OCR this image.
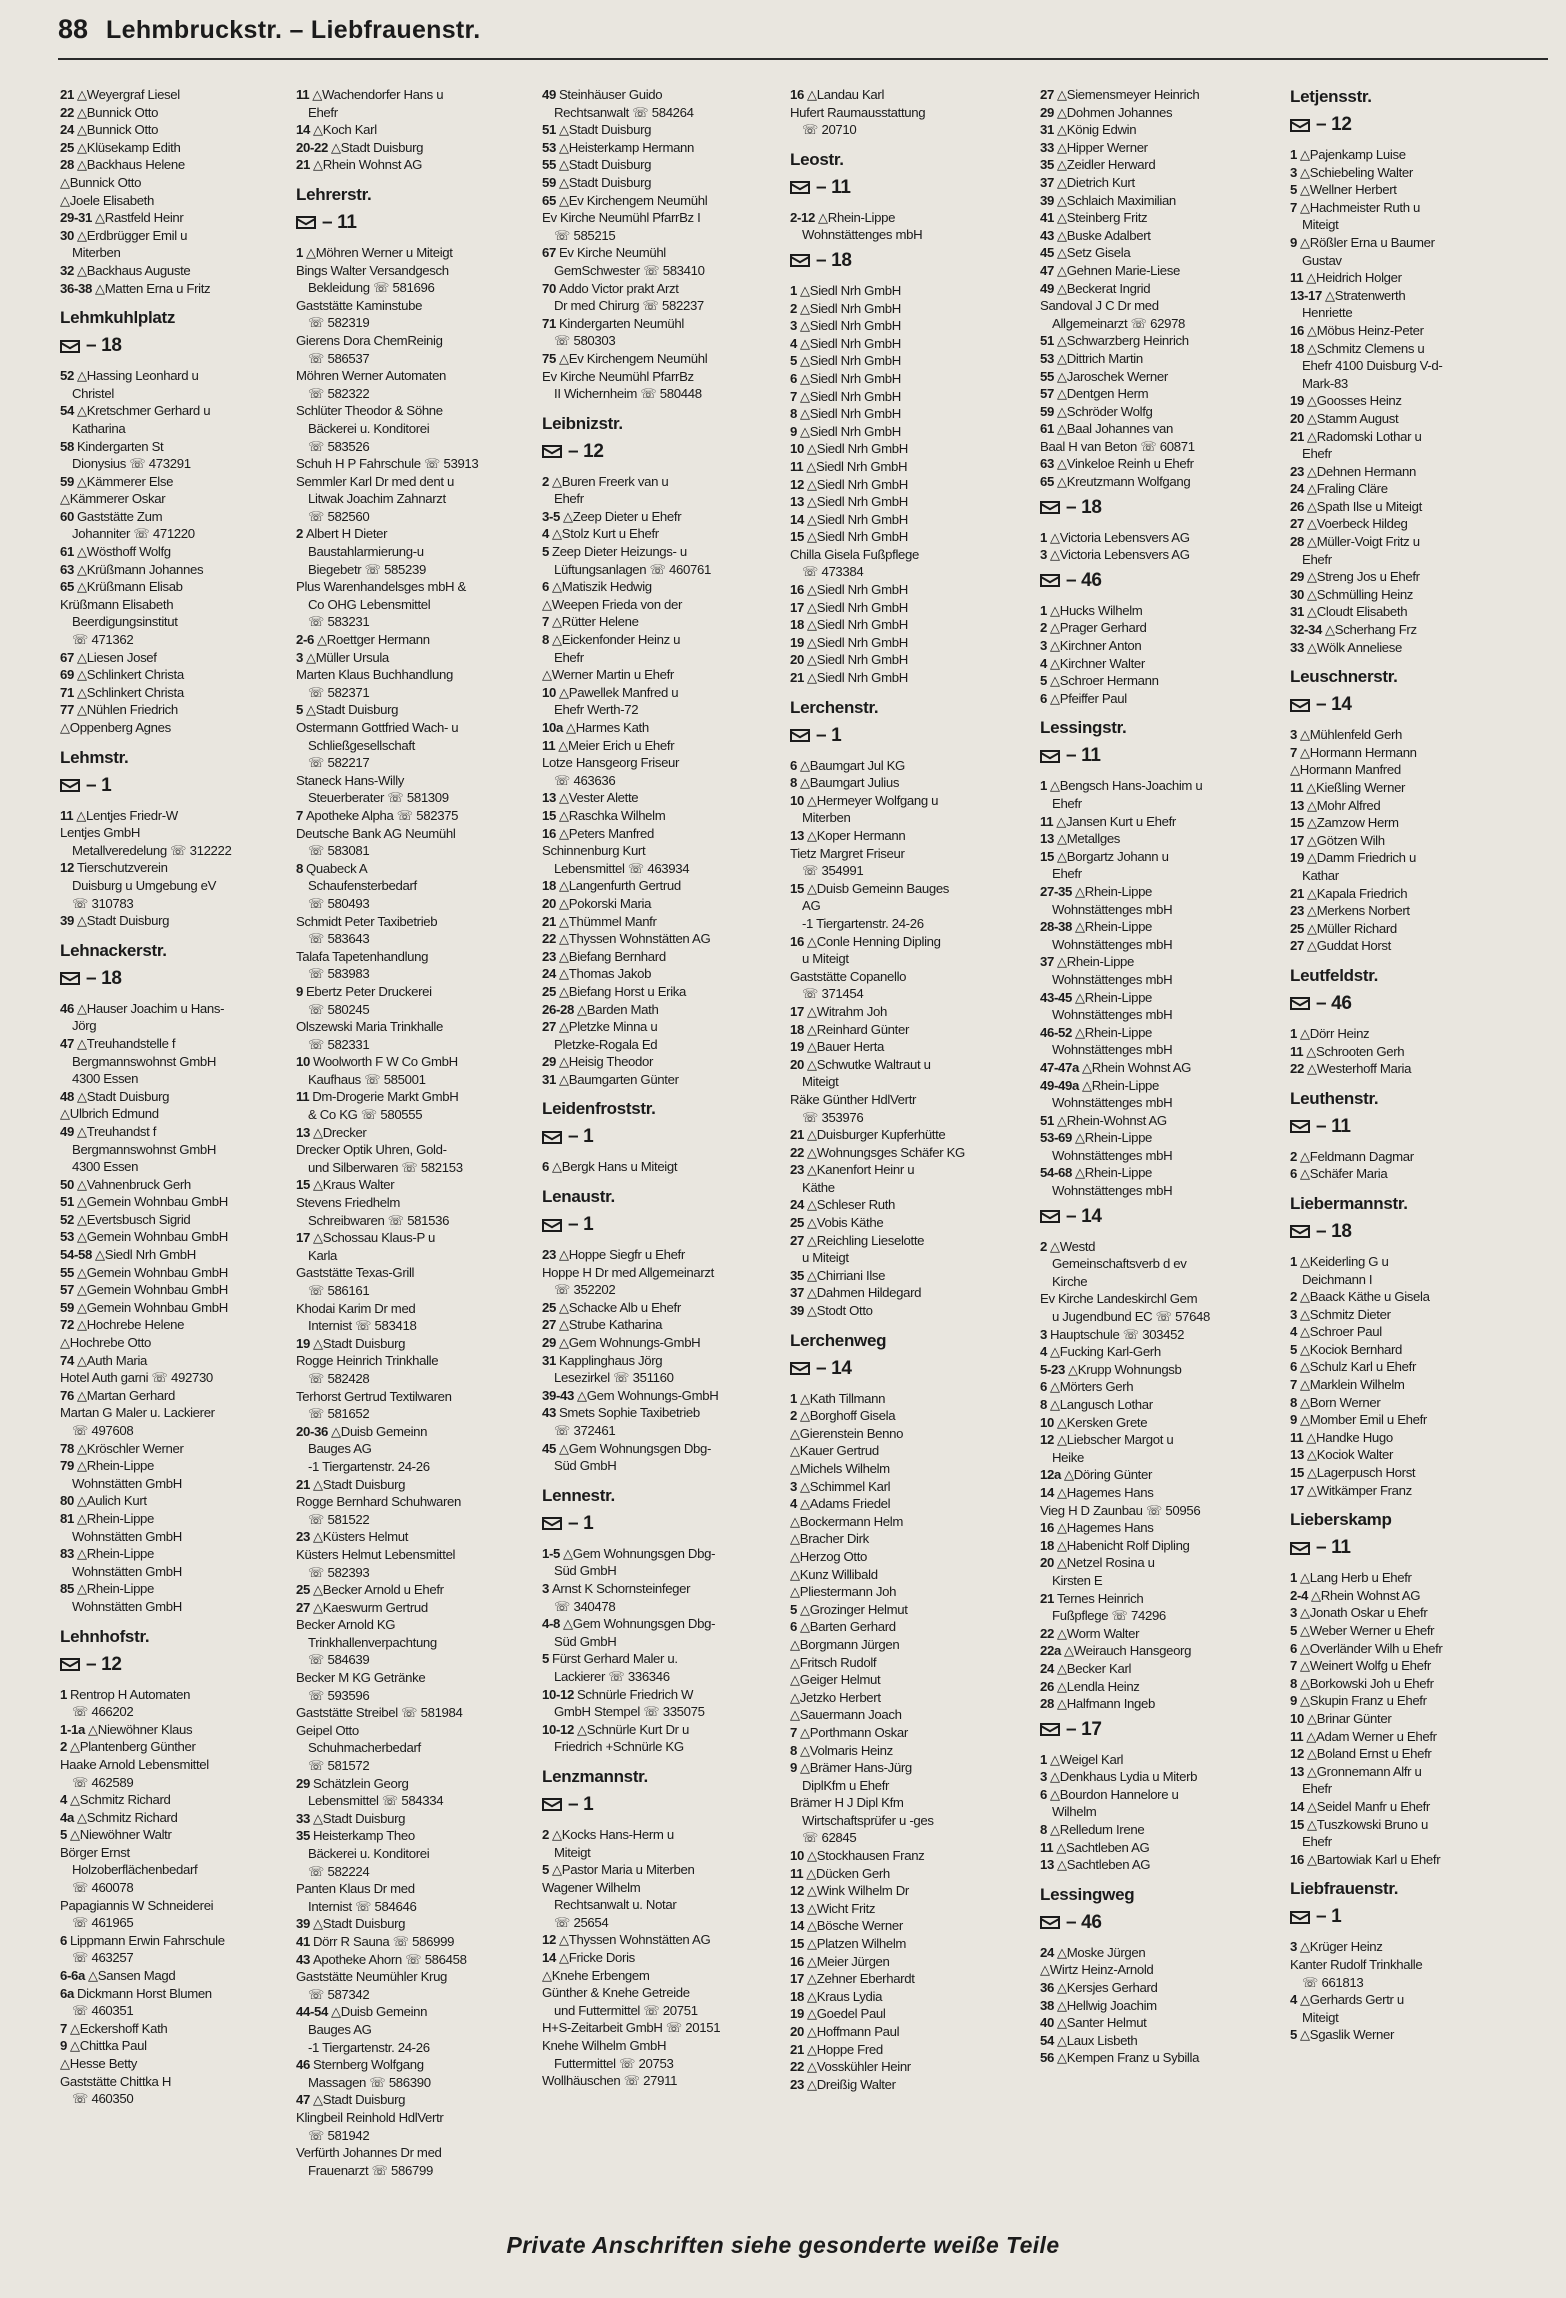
88 Lehmbruckstr. – Liebfrauenstr.
21 △Weyergraf Liesel
22 △Bunnick Otto
24 △Bunnick Otto
25 △Klüsekamp Edith
28 △Backhaus Helene
△Bunnick Otto
△Joele Elisabeth
29-31 △Rastfeld Heinr
30 △Erdbrügger Emil u
Miterben
32 △Backhaus Auguste
36-38 △Matten Erna u Fritz
Lehmkuhlplatz
– 18
52 △Hassing Leonhard u
Christel
54 △Kretschmer Gerhard u
Katharina
58 Kindergarten St
Dionysius ☏ 473291
59 △Kämmerer Else
△Kämmerer Oskar
60 Gaststätte Zum
Johanniter ☏ 471220
61 △Wösthoff Wolfg
63 △Krüßmann Johannes
65 △Krüßmann Elisab
Krüßmann Elisabeth
Beerdigungsinstitut
☏ 471362
67 △Liesen Josef
69 △Schlinkert Christa
71 △Schlinkert Christa
77 △Nühlen Friedrich
△Oppenberg Agnes
Lehmstr.
– 1
11 △Lentjes Friedr-W
Lentjes GmbH
Metallveredelung ☏ 312222
12 Tierschutzverein
Duisburg u Umgebung eV
☏ 310783
39 △Stadt Duisburg
Lehnackerstr.
– 18
46 △Hauser Joachim u Hans-
Jörg
47 △Treuhandstelle f
Bergmannswohnst GmbH
4300 Essen
48 △Stadt Duisburg
△Ulbrich Edmund
49 △Treuhandst f
Bergmannswohnst GmbH
4300 Essen
50 △Vahnenbruck Gerh
51 △Gemein Wohnbau GmbH
52 △Evertsbusch Sigrid
53 △Gemein Wohnbau GmbH
54-58 △Siedl Nrh GmbH
55 △Gemein Wohnbau GmbH
57 △Gemein Wohnbau GmbH
59 △Gemein Wohnbau GmbH
72 △Hochrebe Helene
△Hochrebe Otto
74 △Auth Maria
Hotel Auth garni ☏ 492730
76 △Martan Gerhard
Martan G Maler u. Lackierer
☏ 497608
78 △Kröschler Werner
79 △Rhein-Lippe
Wohnstätten GmbH
80 △Aulich Kurt
81 △Rhein-Lippe
Wohnstätten GmbH
83 △Rhein-Lippe
Wohnstätten GmbH
85 △Rhein-Lippe
Wohnstätten GmbH
Lehnhofstr.
– 12
1 Rentrop H Automaten
☏ 466202
1-1a △Niewöhner Klaus
2 △Plantenberg Günther
Haake Arnold Lebensmittel
☏ 462589
4 △Schmitz Richard
4a △Schmitz Richard
5 △Niewöhner Waltr
Börger Ernst
Holzoberflächenbedarf
☏ 460078
Papagiannis W Schneiderei
☏ 461965
6 Lippmann Erwin Fahrschule
☏ 463257
6-6a △Sansen Magd
6a Dickmann Horst Blumen
☏ 460351
7 △Eckershoff Kath
9 △Chittka Paul
△Hesse Betty
Gaststätte Chittka H
☏ 460350
11 △Wachendorfer Hans u
Ehefr
14 △Koch Karl
20-22 △Stadt Duisburg
21 △Rhein Wohnst AG
Lehrerstr.
– 11
1 △Möhren Werner u Miteigt
Bings Walter Versandgesch
Bekleidung ☏ 581696
Gaststätte Kaminstube
☏ 582319
Gierens Dora ChemReinig
☏ 586537
Möhren Werner Automaten
☏ 582322
Schlüter Theodor & Söhne
Bäckerei u. Konditorei
☏ 583526
Schuh H P Fahrschule ☏ 53913
Semmler Karl Dr med dent u
Litwak Joachim Zahnarzt
☏ 582560
2 Albert H Dieter
Baustahlarmierung-u
Biegebetr ☏ 585239
Plus Warenhandelsges mbH &
Co OHG Lebensmittel
☏ 583231
2-6 △Roettger Hermann
3 △Müller Ursula
Marten Klaus Buchhandlung
☏ 582371
5 △Stadt Duisburg
Ostermann Gottfried Wach- u
Schließgesellschaft
☏ 582217
Staneck Hans-Willy
Steuerberater ☏ 581309
7 Apotheke Alpha ☏ 582375
Deutsche Bank AG Neumühl
☏ 583081
8 Quabeck A
Schaufensterbedarf
☏ 580493
Schmidt Peter Taxibetrieb
☏ 583643
Talafa Tapetenhandlung
☏ 583983
9 Ebertz Peter Druckerei
☏ 580245
Olszewski Maria Trinkhalle
☏ 582331
10 Woolworth F W Co GmbH
Kaufhaus ☏ 585001
11 Dm-Drogerie Markt GmbH
& Co KG ☏ 580555
13 △Drecker
Drecker Optik Uhren, Gold-
und Silberwaren ☏ 582153
15 △Kraus Walter
Stevens Friedhelm
Schreibwaren ☏ 581536
17 △Schossau Klaus-P u
Karla
Gaststätte Texas-Grill
☏ 586161
Khodai Karim Dr med
Internist ☏ 583418
19 △Stadt Duisburg
Rogge Heinrich Trinkhalle
☏ 582428
Terhorst Gertrud Textilwaren
☏ 581652
20-36 △Duisb Gemeinn
Bauges AG
-1 Tiergartenstr. 24-26
21 △Stadt Duisburg
Rogge Bernhard Schuhwaren
☏ 581522
23 △Küsters Helmut
Küsters Helmut Lebensmittel
☏ 582393
25 △Becker Arnold u Ehefr
27 △Kaeswurm Gertrud
Becker Arnold KG
Trinkhallenverpachtung
☏ 584639
Becker M KG Getränke
☏ 593596
Gaststätte Streibel ☏ 581984
Geipel Otto
Schuhmacherbedarf
☏ 581572
29 Schätzlein Georg
Lebensmittel ☏ 584334
33 △Stadt Duisburg
35 Heisterkamp Theo
Bäckerei u. Konditorei
☏ 582224
Panten Klaus Dr med
Internist ☏ 584646
39 △Stadt Duisburg
41 Dörr R Sauna ☏ 586999
43 Apotheke Ahorn ☏ 586458
Gaststätte Neumühler Krug
☏ 587342
44-54 △Duisb Gemeinn
Bauges AG
-1 Tiergartenstr. 24-26
46 Sternberg Wolfgang
Massagen ☏ 586390
47 △Stadt Duisburg
Klingbeil Reinhold HdlVertr
☏ 581942
Verfürth Johannes Dr med
Frauenarzt ☏ 586799
49 Steinhäuser Guido
Rechtsanwalt ☏ 584264
51 △Stadt Duisburg
53 △Heisterkamp Hermann
55 △Stadt Duisburg
59 △Stadt Duisburg
65 △Ev Kirchengem Neumühl
Ev Kirche Neumühl PfarrBz I
☏ 585215
67 Ev Kirche Neumühl
GemSchwester ☏ 583410
70 Addo Victor prakt Arzt
Dr med Chirurg ☏ 582237
71 Kindergarten Neumühl
☏ 580303
75 △Ev Kirchengem Neumühl
Ev Kirche Neumühl PfarrBz
II Wichernheim ☏ 580448
Leibnizstr.
– 12
2 △Buren Freerk van u
Ehefr
3-5 △Zeep Dieter u Ehefr
4 △Stolz Kurt u Ehefr
5 Zeep Dieter Heizungs- u
Lüftungsanlagen ☏ 460761
6 △Matiszik Hedwig
△Weepen Frieda von der
7 △Rütter Helene
8 △Eickenfonder Heinz u
Ehefr
△Werner Martin u Ehefr
10 △Pawellek Manfred u
Ehefr Werth-72
10a △Harmes Kath
11 △Meier Erich u Ehefr
Lotze Hansgeorg Friseur
☏ 463636
13 △Vester Alette
15 △Raschka Wilhelm
16 △Peters Manfred
Schinnenburg Kurt
Lebensmittel ☏ 463934
18 △Langenfurth Gertrud
20 △Pokorski Maria
21 △Thümmel Manfr
22 △Thyssen Wohnstätten AG
23 △Biefang Bernhard
24 △Thomas Jakob
25 △Biefang Horst u Erika
26-28 △Barden Math
27 △Pletzke Minna u
Pletzke-Rogala Ed
29 △Heisig Theodor
31 △Baumgarten Günter
Leidenfroststr.
– 1
6 △Bergk Hans u Miteigt
Lenaustr.
– 1
23 △Hoppe Siegfr u Ehefr
Hoppe H Dr med Allgemeinarzt
☏ 352202
25 △Schacke Alb u Ehefr
27 △Strube Katharina
29 △Gem Wohnungs-GmbH
31 Kapplinghaus Jörg
Lesezirkel ☏ 351160
39-43 △Gem Wohnungs-GmbH
43 Smets Sophie Taxibetrieb
☏ 372461
45 △Gem Wohnungsgen Dbg-
Süd GmbH
Lennestr.
– 1
1-5 △Gem Wohnungsgen Dbg-
Süd GmbH
3 Arnst K Schornsteinfeger
☏ 340478
4-8 △Gem Wohnungsgen Dbg-
Süd GmbH
5 Fürst Gerhard Maler u.
Lackierer ☏ 336346
10-12 Schnürle Friedrich W
GmbH Stempel ☏ 335075
10-12 △Schnürle Kurt Dr u
Friedrich +Schnürle KG
Lenzmannstr.
– 1
2 △Kocks Hans-Herm u
Miteigt
5 △Pastor Maria u Miterben
Wagener Wilhelm
Rechtsanwalt u. Notar
☏ 25654
12 △Thyssen Wohnstätten AG
14 △Fricke Doris
△Knehe Erbengem
Günther & Knehe Getreide
und Futtermittel ☏ 20751
H+S-Zeitarbeit GmbH ☏ 20151
Knehe Wilhelm GmbH
Futtermittel ☏ 20753
Wollhäuschen ☏ 27911
16 △Landau Karl
Hufert Raumausstattung
☏ 20710
Leostr.
– 11
2-12 △Rhein-Lippe
Wohnstättenges mbH
– 18
1 △Siedl Nrh GmbH
2 △Siedl Nrh GmbH
3 △Siedl Nrh GmbH
4 △Siedl Nrh GmbH
5 △Siedl Nrh GmbH
6 △Siedl Nrh GmbH
7 △Siedl Nrh GmbH
8 △Siedl Nrh GmbH
9 △Siedl Nrh GmbH
10 △Siedl Nrh GmbH
11 △Siedl Nrh GmbH
12 △Siedl Nrh GmbH
13 △Siedl Nrh GmbH
14 △Siedl Nrh GmbH
15 △Siedl Nrh GmbH
Chilla Gisela Fußpflege
☏ 473384
16 △Siedl Nrh GmbH
17 △Siedl Nrh GmbH
18 △Siedl Nrh GmbH
19 △Siedl Nrh GmbH
20 △Siedl Nrh GmbH
21 △Siedl Nrh GmbH
Lerchenstr.
– 1
6 △Baumgart Jul KG
8 △Baumgart Julius
10 △Hermeyer Wolfgang u
Miterben
13 △Koper Hermann
Tietz Margret Friseur
☏ 354991
15 △Duisb Gemeinn Bauges
AG
-1 Tiergartenstr. 24-26
16 △Conle Henning Dipling
u Miteigt
Gaststätte Copanello
☏ 371454
17 △Witrahm Joh
18 △Reinhard Günter
19 △Bauer Herta
20 △Schwutke Waltraut u
Miteigt
Räke Günther HdlVertr
☏ 353976
21 △Duisburger Kupferhütte
22 △Wohnungsges Schäfer KG
23 △Kanenfort Heinr u
Käthe
24 △Schleser Ruth
25 △Vobis Käthe
27 △Reichling Lieselotte
u Miteigt
35 △Chirriani Ilse
37 △Dahmen Hildegard
39 △Stodt Otto
Lerchenweg
– 14
1 △Kath Tillmann
2 △Borghoff Gisela
△Gierenstein Benno
△Kauer Gertrud
△Michels Wilhelm
3 △Schimmel Karl
4 △Adams Friedel
△Bockermann Helm
△Bracher Dirk
△Herzog Otto
△Kunz Willibald
△Pliestermann Joh
5 △Grozinger Helmut
6 △Barten Gerhard
△Borgmann Jürgen
△Fritsch Rudolf
△Geiger Helmut
△Jetzko Herbert
△Sauermann Joach
7 △Porthmann Oskar
8 △Volmaris Heinz
9 △Brämer Hans-Jürg
DiplKfm u Ehefr
Brämer H J Dipl Kfm
Wirtschaftsprüfer u -ges
☏ 62845
10 △Stockhausen Franz
11 △Dücken Gerh
12 △Wink Wilhelm Dr
13 △Wicht Fritz
14 △Bösche Werner
15 △Platzen Wilhelm
16 △Meier Jürgen
17 △Zehner Eberhardt
18 △Kraus Lydia
19 △Goedel Paul
20 △Hoffmann Paul
21 △Hoppe Fred
22 △Vosskühler Heinr
23 △Dreißig Walter
27 △Siemensmeyer Heinrich
29 △Dohmen Johannes
31 △König Edwin
33 △Hipper Werner
35 △Zeidler Herward
37 △Dietrich Kurt
39 △Schlaich Maximilian
41 △Steinberg Fritz
43 △Buske Adalbert
45 △Setz Gisela
47 △Gehnen Marie-Liese
49 △Beckerat Ingrid
Sandoval J C Dr med
Allgemeinarzt ☏ 62978
51 △Schwarzberg Heinrich
53 △Dittrich Martin
55 △Jaroschek Werner
57 △Dentgen Herm
59 △Schröder Wolfg
61 △Baal Johannes van
Baal H van Beton ☏ 60871
63 △Vinkeloe Reinh u Ehefr
65 △Kreutzmann Wolfgang
– 18
1 △Victoria Lebensvers AG
3 △Victoria Lebensvers AG
– 46
1 △Hucks Wilhelm
2 △Prager Gerhard
3 △Kirchner Anton
4 △Kirchner Walter
5 △Schroer Hermann
6 △Pfeiffer Paul
Lessingstr.
– 11
1 △Bengsch Hans-Joachim u
Ehefr
11 △Jansen Kurt u Ehefr
13 △Metallges
15 △Borgartz Johann u
Ehefr
27-35 △Rhein-Lippe
Wohnstättenges mbH
28-38 △Rhein-Lippe
Wohnstättenges mbH
37 △Rhein-Lippe
Wohnstättenges mbH
43-45 △Rhein-Lippe
Wohnstättenges mbH
46-52 △Rhein-Lippe
Wohnstättenges mbH
47-47a △Rhein Wohnst AG
49-49a △Rhein-Lippe
Wohnstättenges mbH
51 △Rhein-Wohnst AG
53-69 △Rhein-Lippe
Wohnstättenges mbH
54-68 △Rhein-Lippe
Wohnstättenges mbH
– 14
2 △Westd
Gemeinschaftsverb d ev
Kirche
Ev Kirche Landeskirchl Gem
u Jugendbund EC ☏ 57648
3 Hauptschule ☏ 303452
4 △Fucking Karl-Gerh
5-23 △Krupp Wohnungsb
6 △Mörters Gerh
8 △Langusch Lothar
10 △Kersken Grete
12 △Liebscher Margot u
Heike
12a △Döring Günter
14 △Hagemes Hans
Vieg H D Zaunbau ☏ 50956
16 △Hagemes Hans
18 △Habenicht Rolf Dipling
20 △Netzel Rosina u
Kirsten E
21 Ternes Heinrich
Fußpflege ☏ 74296
22 △Worm Walter
22a △Weirauch Hansgeorg
24 △Becker Karl
26 △Lendla Heinz
28 △Halfmann Ingeb
– 17
1 △Weigel Karl
3 △Denkhaus Lydia u Miterb
6 △Bourdon Hannelore u
Wilhelm
8 △Relledum Irene
11 △Sachtleben AG
13 △Sachtleben AG
Lessingweg
– 46
24 △Moske Jürgen
△Wirtz Heinz-Arnold
36 △Kersjes Gerhard
38 △Hellwig Joachim
40 △Santer Helmut
54 △Laux Lisbeth
56 △Kempen Franz u Sybilla
Letjensstr.
– 12
1 △Pajenkamp Luise
3 △Schiebeling Walter
5 △Wellner Herbert
7 △Hachmeister Ruth u
Miteigt
9 △Rößler Erna u Baumer
Gustav
11 △Heidrich Holger
13-17 △Stratenwerth
Henriette
16 △Möbus Heinz-Peter
18 △Schmitz Clemens u
Ehefr 4100 Duisburg V-d-
Mark-83
19 △Goosses Heinz
20 △Stamm August
21 △Radomski Lothar u
Ehefr
23 △Dehnen Hermann
24 △Fraling Cläre
26 △Spath Ilse u Miteigt
27 △Voerbeck Hildeg
28 △Müller-Voigt Fritz u
Ehefr
29 △Streng Jos u Ehefr
30 △Schmülling Heinz
31 △Cloudt Elisabeth
32-34 △Scherhang Frz
33 △Wölk Anneliese
Leuschnerstr.
– 14
3 △Mühlenfeld Gerh
7 △Hormann Hermann
△Hormann Manfred
11 △Kießling Werner
13 △Mohr Alfred
15 △Zamzow Herm
17 △Götzen Wilh
19 △Damm Friedrich u
Kathar
21 △Kapala Friedrich
23 △Merkens Norbert
25 △Müller Richard
27 △Guddat Horst
Leutfeldstr.
– 46
1 △Dörr Heinz
11 △Schrooten Gerh
22 △Westerhoff Maria
Leuthenstr.
– 11
2 △Feldmann Dagmar
6 △Schäfer Maria
Liebermannstr.
– 18
1 △Keiderling G u
Deichmann I
2 △Baack Käthe u Gisela
3 △Schmitz Dieter
4 △Schroer Paul
5 △Kociok Bernhard
6 △Schulz Karl u Ehefr
7 △Marklein Wilhelm
8 △Born Werner
9 △Momber Emil u Ehefr
11 △Handke Hugo
13 △Kociok Walter
15 △Lagerpusch Horst
17 △Witkämper Franz
Lieberskamp
– 11
1 △Lang Herb u Ehefr
2-4 △Rhein Wohnst AG
3 △Jonath Oskar u Ehefr
5 △Weber Werner u Ehefr
6 △Overländer Wilh u Ehefr
7 △Weinert Wolfg u Ehefr
8 △Borkowski Joh u Ehefr
9 △Skupin Franz u Ehefr
10 △Brinar Günter
11 △Adam Werner u Ehefr
12 △Boland Ernst u Ehefr
13 △Gronnemann Alfr u
Ehefr
14 △Seidel Manfr u Ehefr
15 △Tuszkowski Bruno u
Ehefr
16 △Bartowiak Karl u Ehefr
Liebfrauenstr.
– 1
3 △Krüger Heinz
Kanter Rudolf Trinkhalle
☏ 661813
4 △Gerhards Gertr u
Miteigt
5 △Sgaslik Werner
Private Anschriften siehe gesonderte weiße Teile
